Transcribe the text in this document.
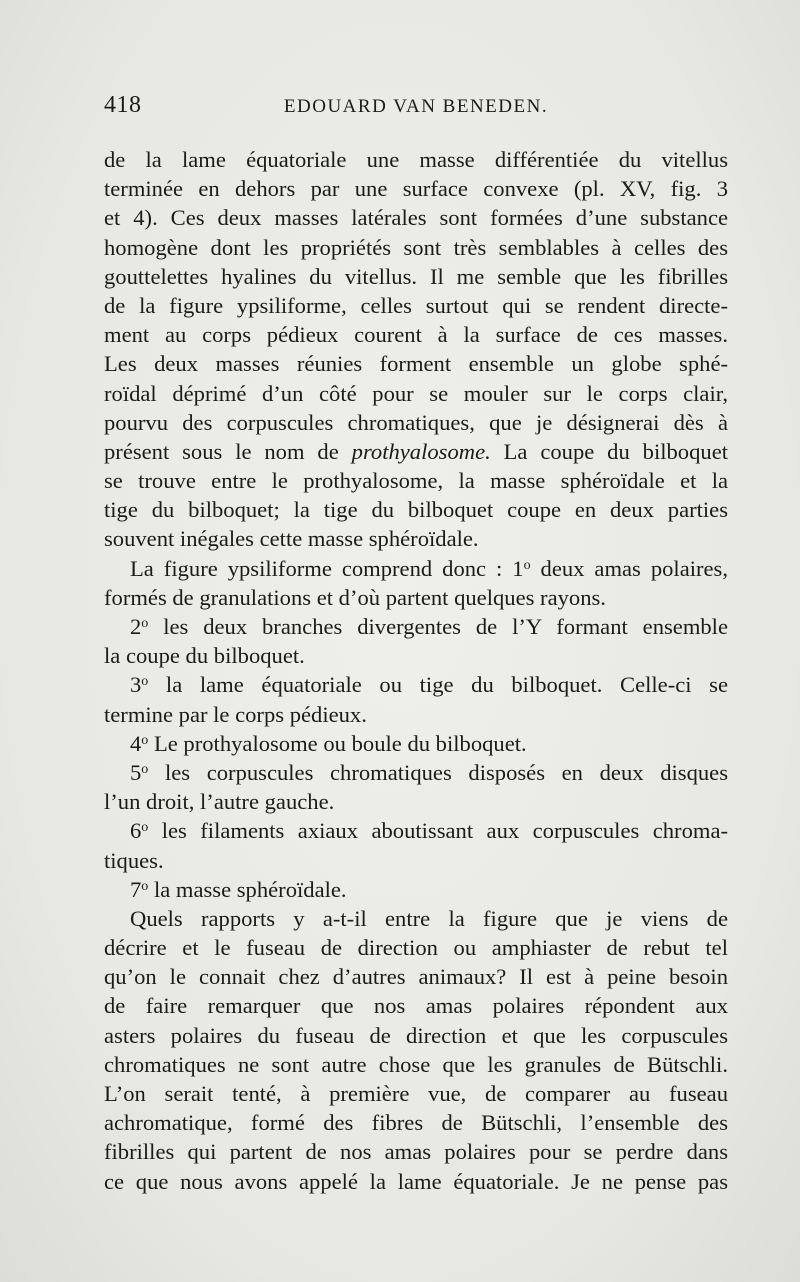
418	EDOUARD VAN BENEDEN.
de la lame équatoriale une masse différentiée du vitellus
terminée en dehors par une surface convexe (pl. XV, fig. 3
et 4). Ces deux masses latérales sont formées d’une substance
homogène dont les propriétés sont très semblables à celles des
gouttelettes hyalines du vitellus. Il me semble que les fibrilles
de la figure ypsiliforme, celles surtout qui se rendent directe-
ment au corps pédieux courent à la surface de ces masses.
Les deux masses réunies forment ensemble un globe sphé-
roïdal déprimé d’un côté pour se mouler sur le corps clair,
pourvu des corpuscules chromatiques, que je désignerai dès à
présent sous le nom de prothyalosome. La coupe du bilboquet
se trouve entre le prothyalosome, la masse sphéroïdale et la
tige du bilboquet; la tige du bilboquet coupe en deux parties
souvent inégales cette masse sphéroïdale.
La figure ypsiliforme comprend donc : 1$^o$ deux amas polaires,
formés de granulations et d’où partent quelques rayons.
2$^o$ les deux branches divergentes de l’Y formant ensemble
la coupe du bilboquet.
3$^o$ la lame équatoriale ou tige du bilboquet. Celle-ci se
termine par le corps pédieux.
4$^o$ Le prothyalosome ou boule du bilboquet.
5$^o$ les corpuscules chromatiques disposés en deux disques
l’un droit, l’autre gauche.
6$^o$ les filaments axiaux aboutissant aux corpuscules chroma-
tiques.
7$^o$ la masse sphéroïdale.
Quels rapports y a-t-il entre la figure que je viens de
décrire et le fuseau de direction ou amphiaster de rebut tel
qu’on le connait chez d’autres animaux? Il est à peine besoin
de faire remarquer que nos amas polaires répondent aux
asters polaires du fuseau de direction et que les corpuscules
chromatiques ne sont autre chose que les granules de Bütschli.
L’on serait tenté, à première vue, de comparer au fuseau
achromatique, formé des fibres de Bütschli, l’ensemble des
fibrilles qui partent de nos amas polaires pour se perdre dans
ce que nous avons appelé la lame équatoriale. Je ne pense pas
